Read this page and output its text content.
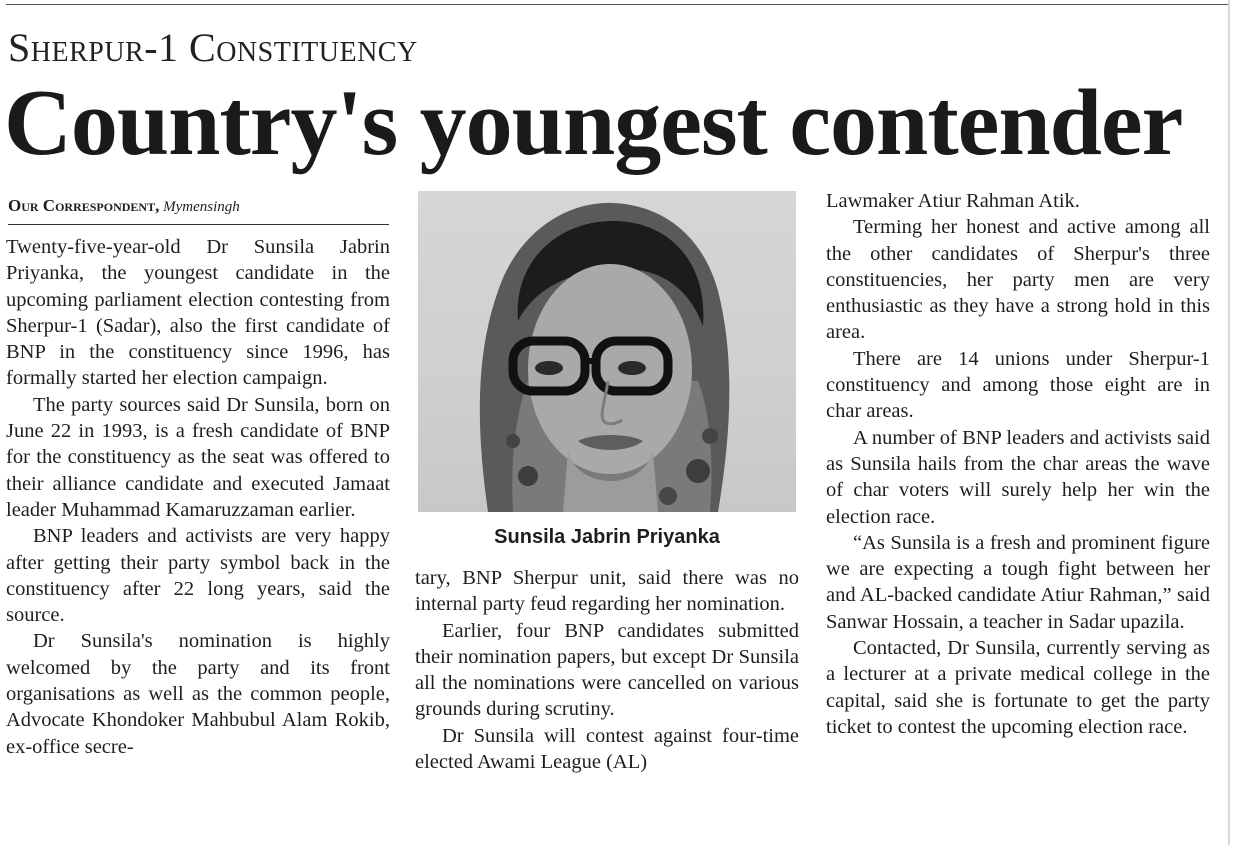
Sherpur-1 Constituency
Country's youngest contender
Our Correspondent, Mymensingh

Twenty-five-year-old Dr Sunsila Jabrin Priyanka, the youngest candidate in the upcoming parliament election contesting from Sherpur-1 (Sadar), also the first candidate of BNP in the constituency since 1996, has formally started her election campaign.

The party sources said Dr Sunsila, born on June 22 in 1993, is a fresh candidate of BNP for the constituency as the seat was offered to their alliance candidate and executed Jamaat leader Muhammad Kamaruzzaman earlier.

BNP leaders and activists are very happy after getting their party symbol back in the constituency after 22 long years, said the source.

Dr Sunsila's nomination is highly welcomed by the party and its front organisations as well as the common people, Advocate Khondoker Mahbubul Alam Rokib, ex-office secre-

Sunsila Jabrin Priyanka

tary, BNP Sherpur unit, said there was no internal party feud regarding her nomination.

Earlier, four BNP candidates submitted their nomination papers, but except Dr Sunsila all the nominations were cancelled on various grounds during scrutiny.

Dr Sunsila will contest against four-time elected Awami League (AL)

Lawmaker Atiur Rahman Atik.

Terming her honest and active among all the other candidates of Sherpur's three constituencies, her party men are very enthusiastic as they have a strong hold in this area.

There are 14 unions under Sherpur-1 constituency and among those eight are in char areas.

A number of BNP leaders and activists said as Sunsila hails from the char areas the wave of char voters will surely help her win the election race.

“As Sunsila is a fresh and prominent figure we are expecting a tough fight between her and AL-backed candidate Atiur Rahman,” said Sanwar Hossain, a teacher in Sadar upazila.

Contacted, Dr Sunsila, currently serving as a lecturer at a private medical college in the capital, said she is fortunate to get the party ticket to contest the upcoming election race.
